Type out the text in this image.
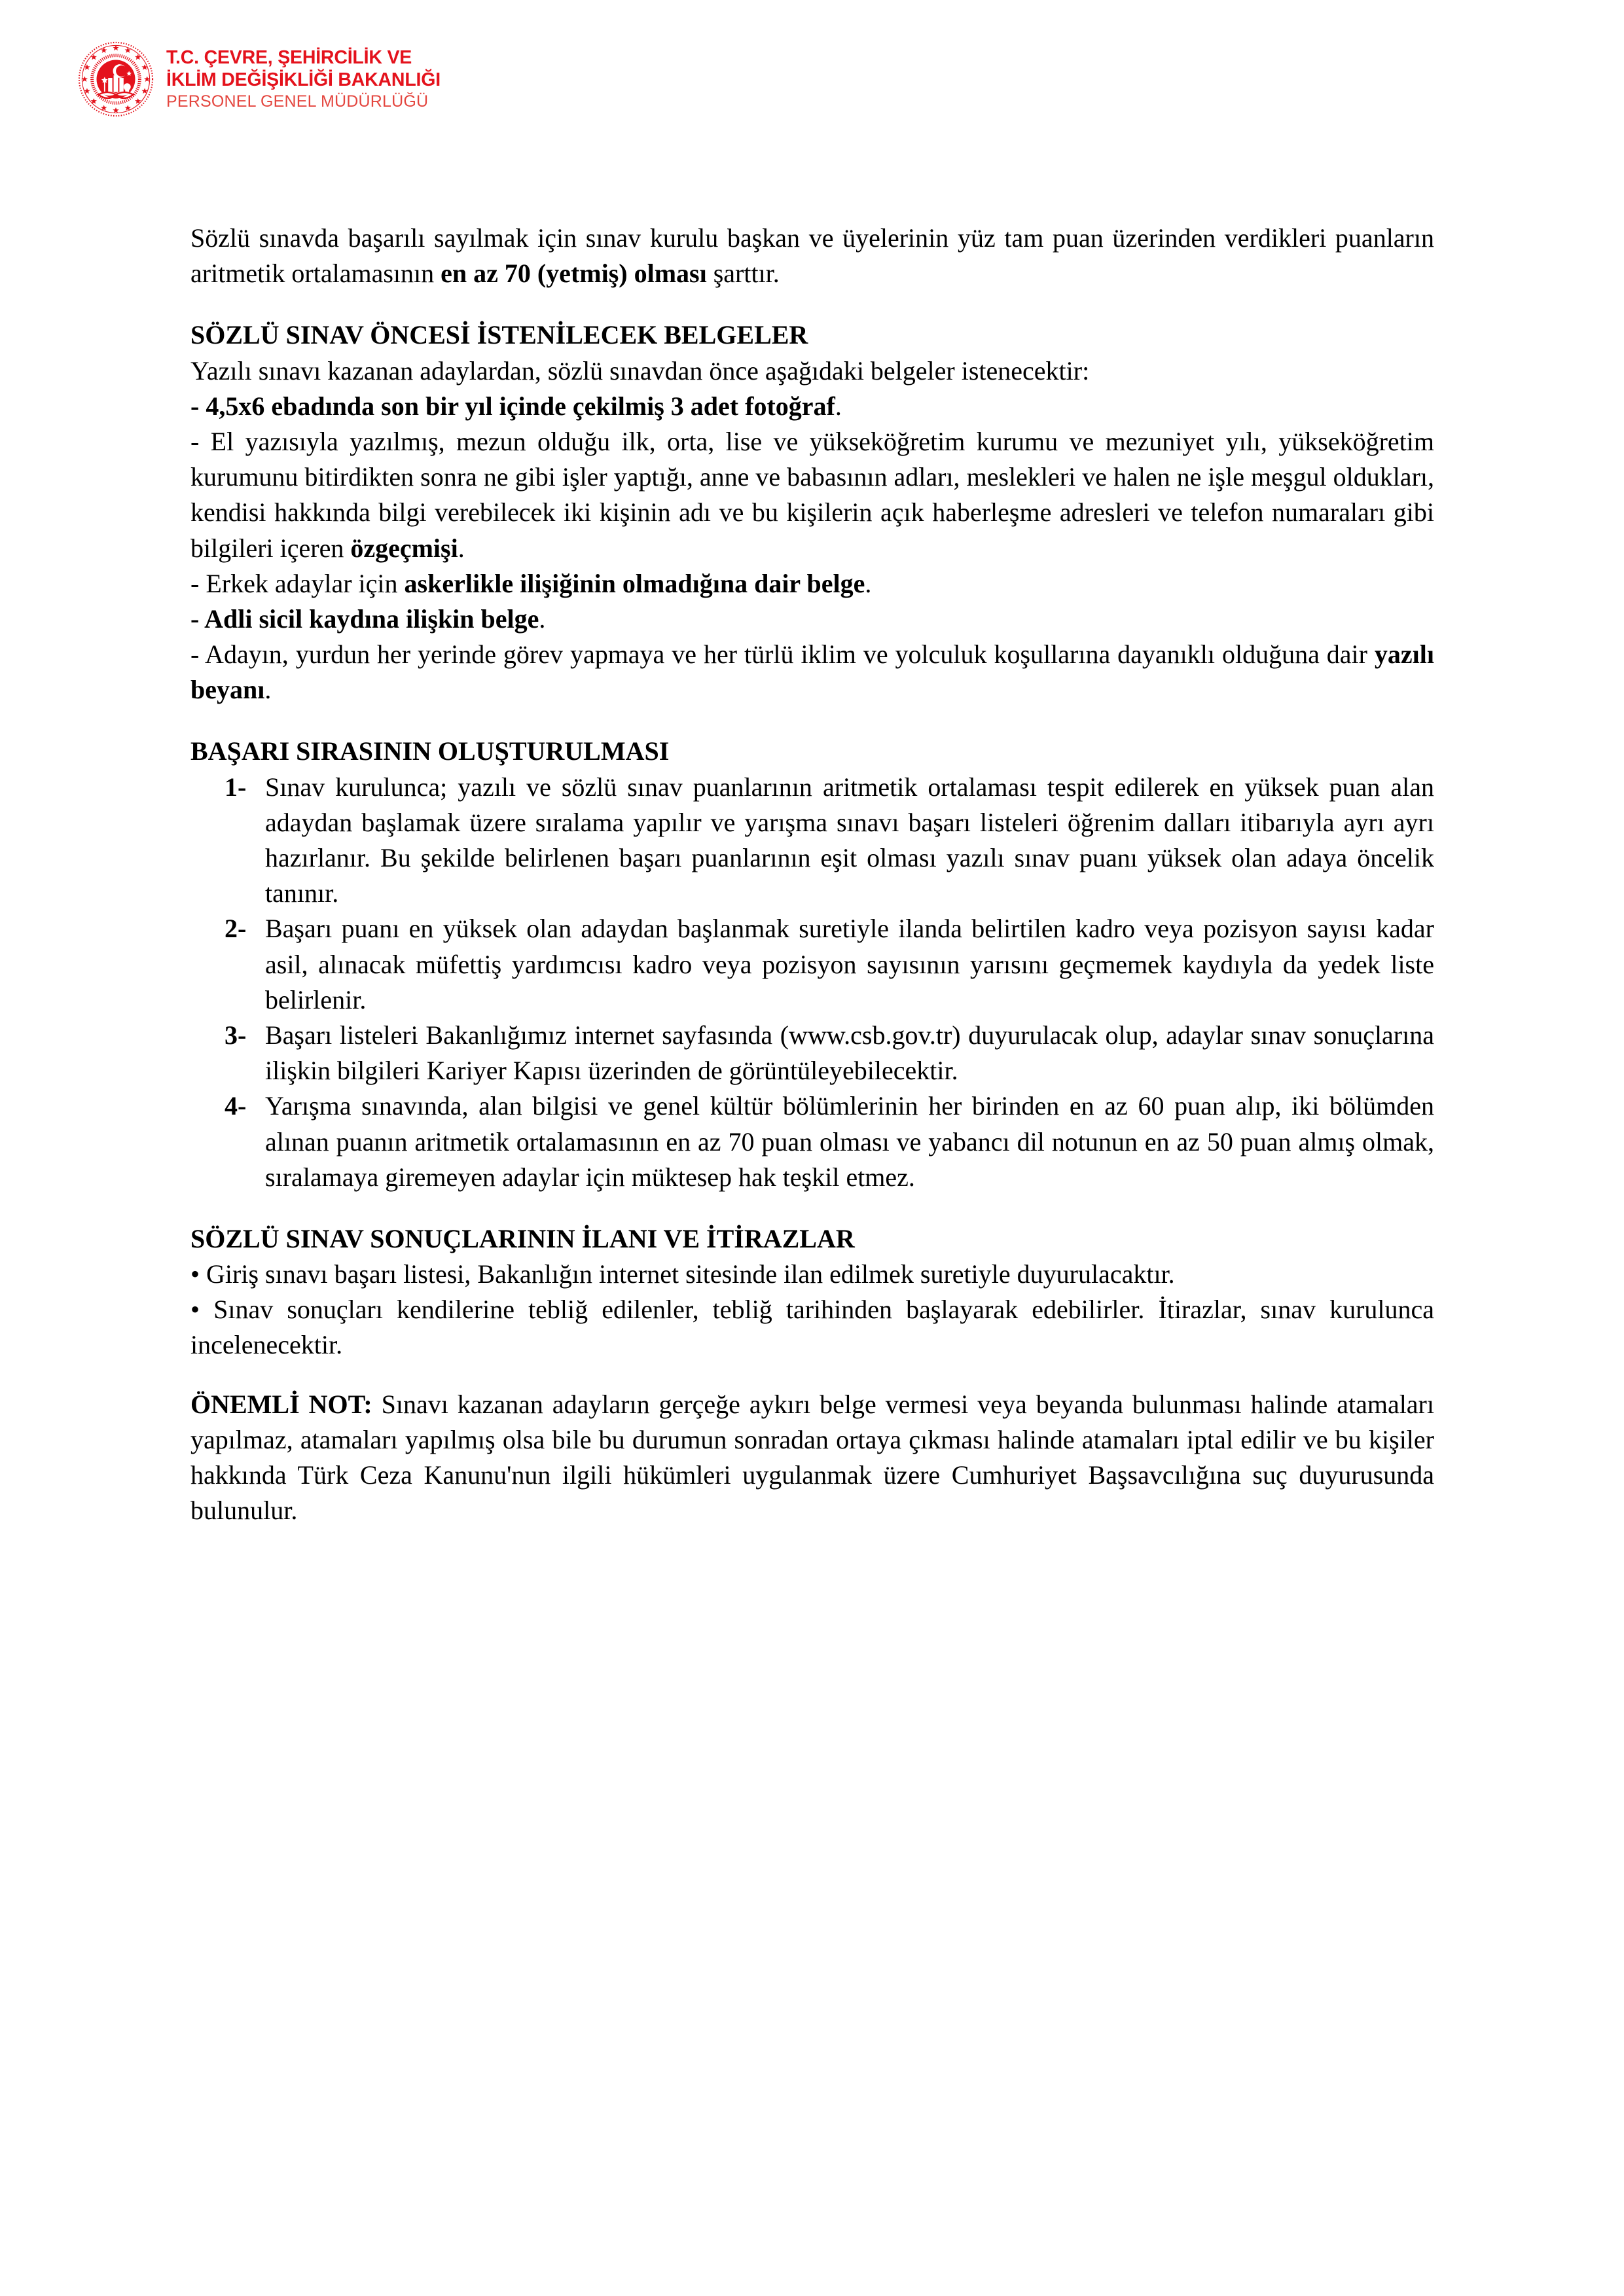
T.C. ÇEVRE, ŞEHİRCİLİK VE
İKLİM DEĞİŞİKLİĞİ BAKANLIĞI
PERSONEL GENEL MÜDÜRLÜĞÜ

Sözlü sınavda başarılı sayılmak için sınav kurulu başkan ve üyelerinin yüz tam puan üzerinden verdikleri puanların aritmetik ortalamasının en az 70 (yetmiş) olması şarttır.

SÖZLÜ SINAV ÖNCESİ İSTENİLECEK BELGELER

Yazılı sınavı kazanan adaylardan, sözlü sınavdan önce aşağıdaki belgeler istenecektir:

- 4,5x6 ebadında son bir yıl içinde çekilmiş 3 adet fotoğraf.

- El yazısıyla yazılmış, mezun olduğu ilk, orta, lise ve yükseköğretim kurumu ve mezuniyet yılı, yükseköğretim kurumunu bitirdikten sonra ne gibi işler yaptığı, anne ve babasının adları, meslekleri ve halen ne işle meşgul oldukları, kendisi hakkında bilgi verebilecek iki kişinin adı ve bu kişilerin açık haberleşme adresleri ve telefon numaraları gibi bilgileri içeren özgeçmişi.

- Erkek adaylar için askerlikle ilişiğinin olmadığına dair belge.

- Adli sicil kaydına ilişkin belge.

- Adayın, yurdun her yerinde görev yapmaya ve her türlü iklim ve yolculuk koşullarına dayanıklı olduğuna dair yazılı beyanı.

BAŞARI SIRASININ OLUŞTURULMASI

1- Sınav kurulunca; yazılı ve sözlü sınav puanlarının aritmetik ortalaması tespit edilerek en yüksek puan alan adaydan başlamak üzere sıralama yapılır ve yarışma sınavı başarı listeleri öğrenim dalları itibarıyla ayrı ayrı hazırlanır. Bu şekilde belirlenen başarı puanlarının eşit olması yazılı sınav puanı yüksek olan adaya öncelik tanınır.
2- Başarı puanı en yüksek olan adaydan başlanmak suretiyle ilanda belirtilen kadro veya pozisyon sayısı kadar asil, alınacak müfettiş yardımcısı kadro veya pozisyon sayısının yarısını geçmemek kaydıyla da yedek liste belirlenir.
3- Başarı listeleri Bakanlığımız internet sayfasında (www.csb.gov.tr) duyurulacak olup, adaylar sınav sonuçlarına ilişkin bilgileri Kariyer Kapısı üzerinden de görüntüleyebilecektir.
4- Yarışma sınavında, alan bilgisi ve genel kültür bölümlerinin her birinden en az 60 puan alıp, iki bölümden alınan puanın aritmetik ortalamasının en az 70 puan olması ve yabancı dil notunun en az 50 puan almış olmak, sıralamaya giremeyen adaylar için müktesep hak teşkil etmez.

SÖZLÜ SINAV SONUÇLARININ İLANI VE İTİRAZLAR

• Giriş sınavı başarı listesi, Bakanlığın internet sitesinde ilan edilmek suretiyle duyurulacaktır.

• Sınav sonuçları kendilerine tebliğ edilenler, tebliğ tarihinden başlayarak edebilirler. İtirazlar, sınav kurulunca incelenecektir.

ÖNEMLİ NOT: Sınavı kazanan adayların gerçeğe aykırı belge vermesi veya beyanda bulunması halinde atamaları yapılmaz, atamaları yapılmış olsa bile bu durumun sonradan ortaya çıkması halinde atamaları iptal edilir ve bu kişiler hakkında Türk Ceza Kanunu'nun ilgili hükümleri uygulanmak üzere Cumhuriyet Başsavcılığına suç duyurusunda bulunulur.
